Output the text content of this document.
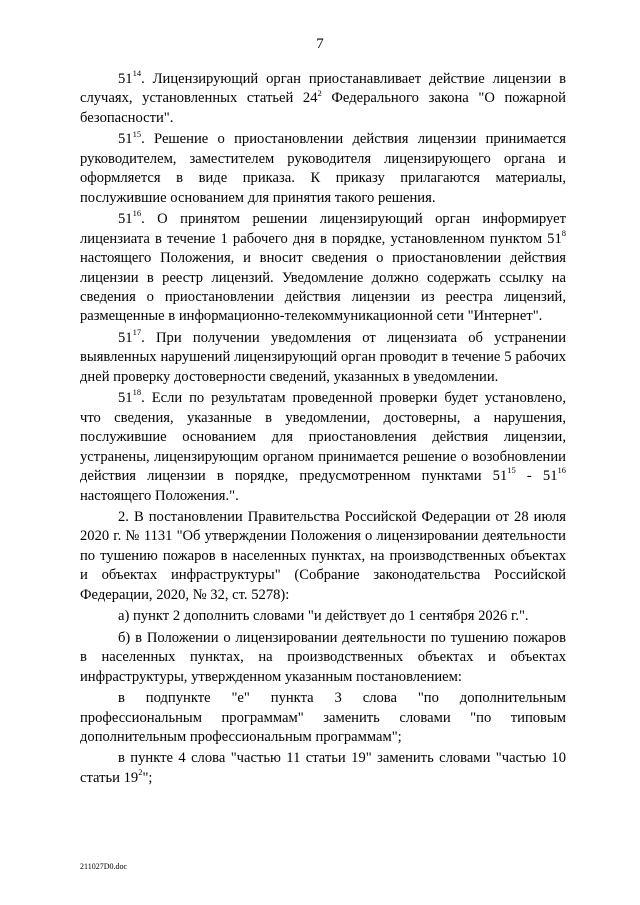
7

$51^{14}$. Лицензирующий орган приостанавливает действие лицензии в случаях, установленных статьей $24^2$ Федерального закона "О пожарной безопасности".

$51^{15}$. Решение о приостановлении действия лицензии принимается руководителем, заместителем руководителя лицензирующего органа и оформляется в виде приказа. К приказу прилагаются материалы, послужившие основанием для принятия такого решения.

$51^{16}$. О принятом решении лицензирующий орган информирует лицензиата в течение 1 рабочего дня в порядке, установленном пунктом $51^8$ настоящего Положения, и вносит сведения о приостановлении действия лицензии в реестр лицензий. Уведомление должно содержать ссылку на сведения о приостановлении действия лицензии из реестра лицензий, размещенные в информационно-телекоммуникационной сети "Интернет".

$51^{17}$. При получении уведомления от лицензиата об устранении выявленных нарушений лицензирующий орган проводит в течение 5 рабочих дней проверку достоверности сведений, указанных в уведомлении.

$51^{18}$. Если по результатам проведенной проверки будет установлено, что сведения, указанные в уведомлении, достоверны, а нарушения, послужившие основанием для приостановления действия лицензии, устранены, лицензирующим органом принимается решение о возобновлении действия лицензии в порядке, предусмотренном пунктами $51^{15} - 51^{16}$ настоящего Положения.".

2. В постановлении Правительства Российской Федерации от 28 июля 2020 г. № 1131 "Об утверждении Положения о лицензировании деятельности по тушению пожаров в населенных пунктах, на производственных объектах и объектах инфраструктуры" (Собрание законодательства Российской Федерации, 2020, № 32, ст. 5278):

а) пункт 2 дополнить словами "и действует до 1 сентября 2026 г.".

б) в Положении о лицензировании деятельности по тушению пожаров в населенных пунктах, на производственных объектах и объектах инфраструктуры, утвержденном указанным постановлением:

в подпункте "е" пункта 3 слова "по дополнительным профессиональным программам" заменить словами "по типовым дополнительным профессиональным программам";

в пункте 4 слова "частью 11 статьи 19" заменить словами "частью 10 статьи $19^2$";

211027D0.doc
